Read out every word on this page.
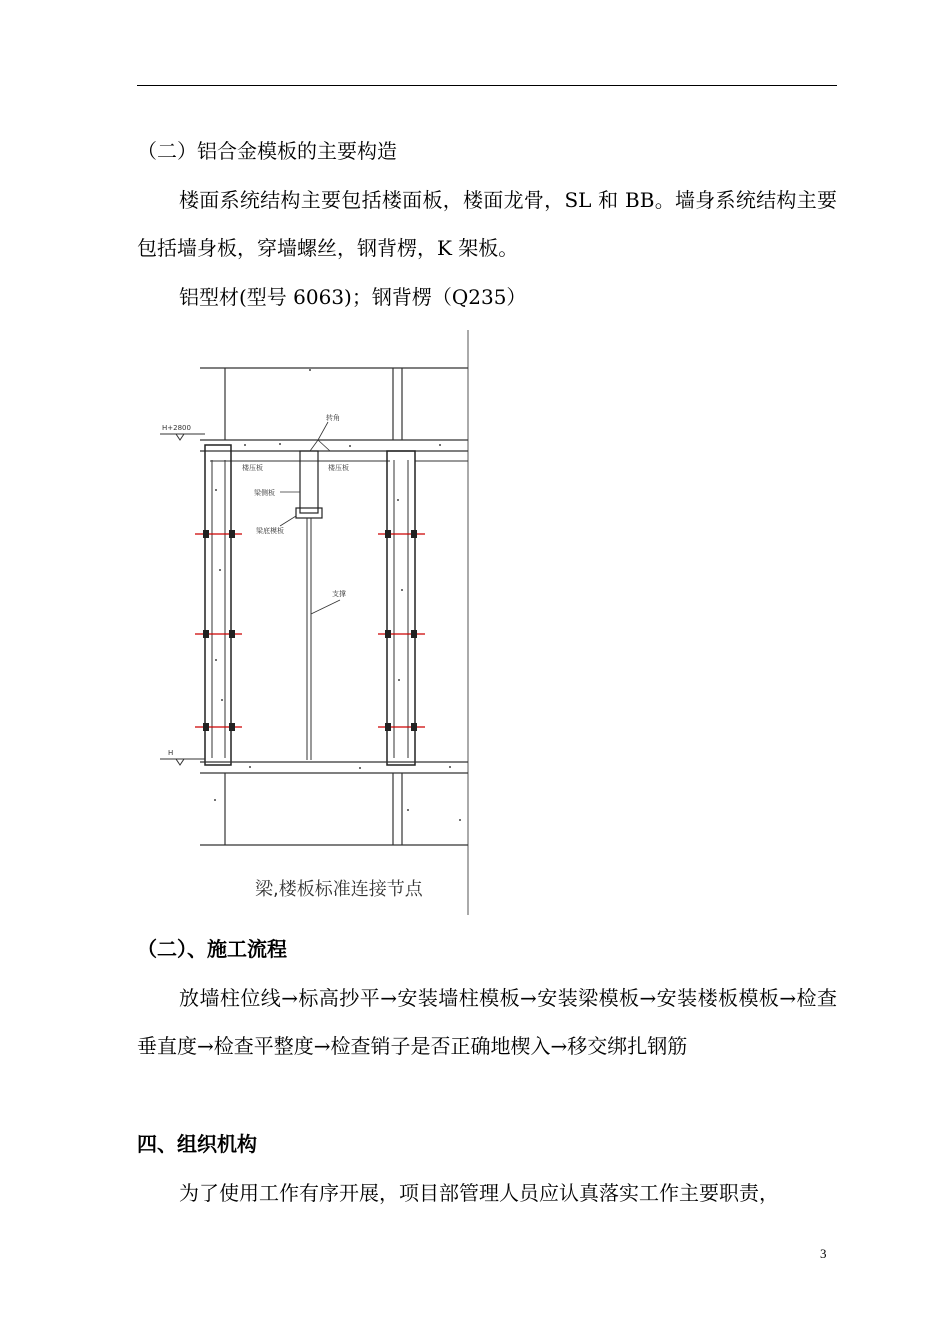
（二）铝合金模板的主要构造

楼面系统结构主要包括楼面板，楼面龙骨，SL 和 BB。墙身系统结构主要包括墙身板，穿墙螺丝，钢背楞，K 架板。

铝型材(型号 6063)；钢背楞（Q235）

H+2800
H
转角
楼压板	楼压板
梁侧板
梁底模板
支撑
梁,楼板标准连接节点

（二）、施工流程

放墙柱位线→标高抄平→安装墙柱模板→安装梁模板→安装楼板模板→检查垂直度→检查平整度→检查销子是否正确地楔入→移交绑扎钢筋

四、组织机构

为了使用工作有序开展，项目部管理人员应认真落实工作主要职责，

3
